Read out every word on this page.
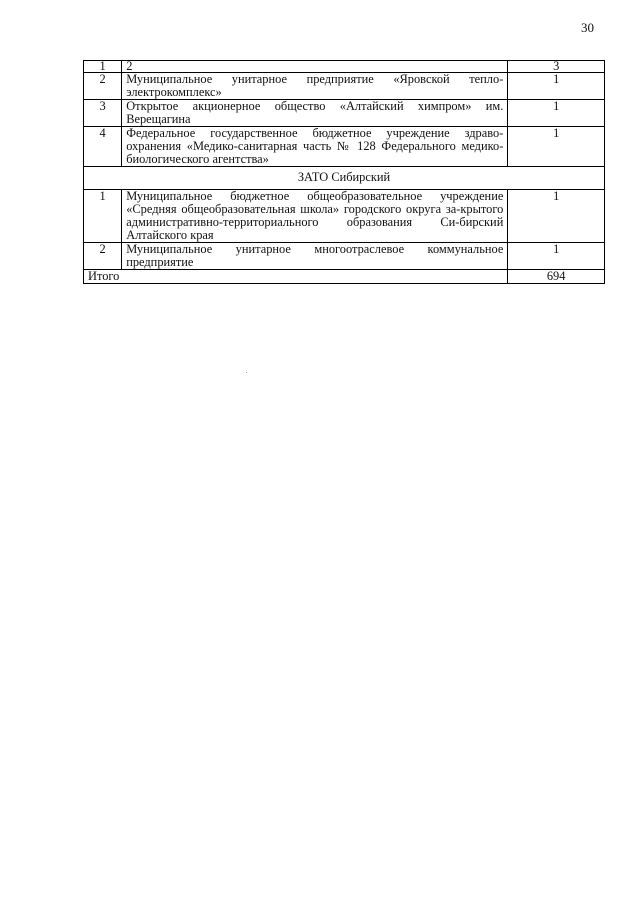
30
1	2	3
2	Муниципальное унитарное предприятие «Яровской тепло-электрокомплекс»	1
3	Открытое акционерное общество «Алтайский химпром» им. Верещагина	1
4	Федеральное государственное бюджетное учреждение здраво-охранения «Медико-санитарная часть № 128 Федерального медико-биологического агентства»	1
ЗАТО Сибирский		
1	Муниципальное бюджетное общеобразовательное учреждение «Средняя общеобразовательная школа» городского округа за-крытого административно-территориального образования Си-бирский Алтайского края	1
2	Муниципальное унитарное многоотраслевое коммунальное предприятие	1
Итого		694
